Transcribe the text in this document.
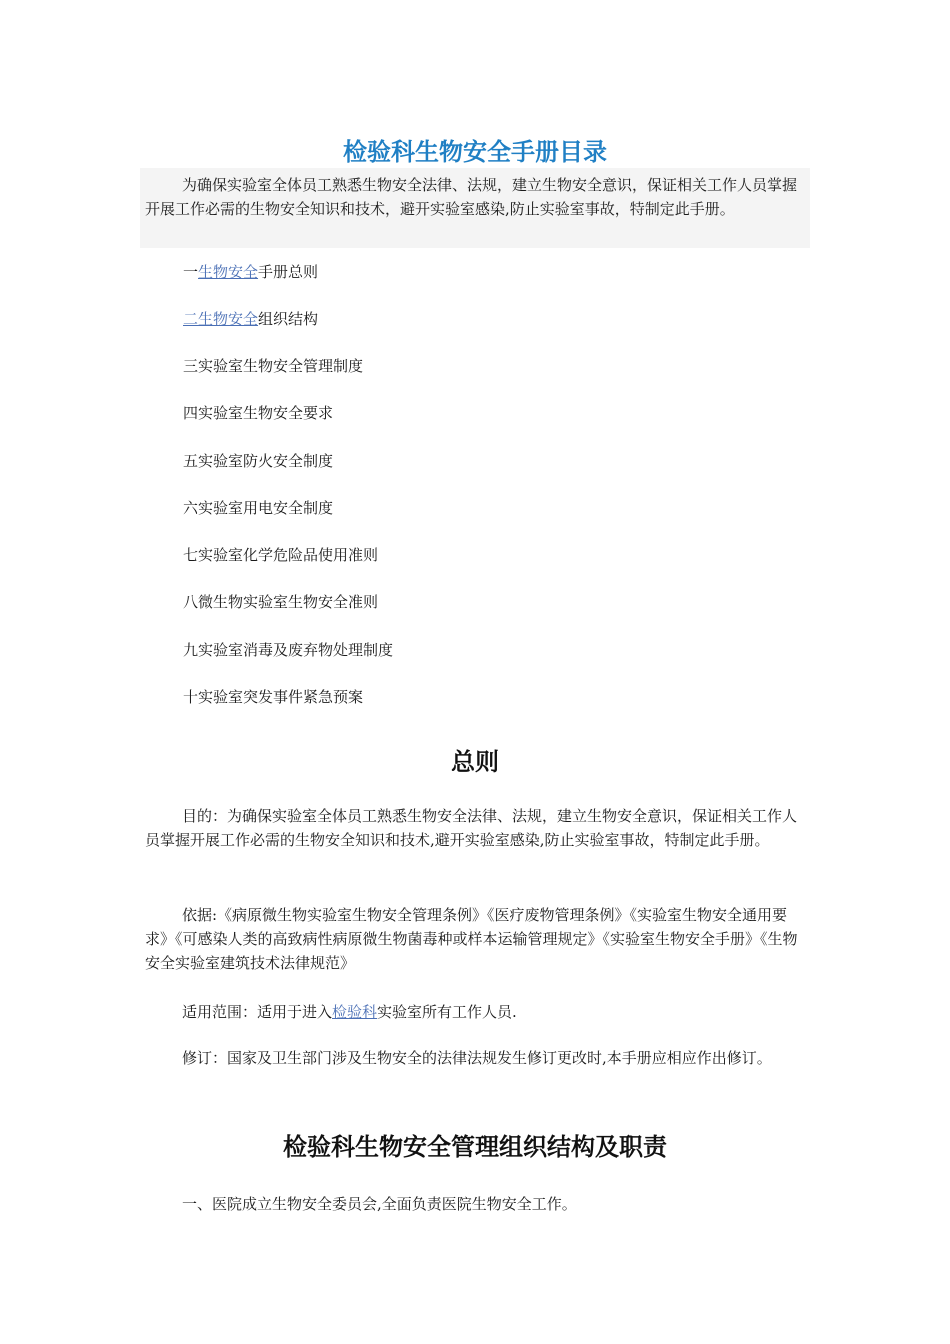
检验科生物安全手册目录

为确保实验室全体员工熟悉生物安全法律、法规，建立生物安全意识，保证相关工作人员掌握开展工作必需的生物安全知识和技术，避开实验室感染,防止实验室事故，特制定此手册。

一生物安全手册总则
二生物安全组织结构
三实验室生物安全管理制度
四实验室生物安全要求
五实验室防火安全制度
六实验室用电安全制度
七实验室化学危险品使用准则
八微生物实验室生物安全准则
九实验室消毒及废弃物处理制度
十实验室突发事件紧急预案
总则

目的：为确保实验室全体员工熟悉生物安全法律、法规，建立生物安全意识，保证相关工作人员掌握开展工作必需的生物安全知识和技术,避开实验室感染,防止实验室事故，特制定此手册。

依据:《病原微生物实验室生物安全管理条例》《医疗废物管理条例》《实验室生物安全通用要求》《可感染人类的高致病性病原微生物菌毒种或样本运输管理规定》《实验室生物安全手册》《生物安全实验室建筑技术法律规范》

适用范围：适用于进入检验科实验室所有工作人员.

修订：国家及卫生部门涉及生物安全的法律法规发生修订更改时,本手册应相应作出修订。

检验科生物安全管理组织结构及职责

一、医院成立生物安全委员会,全面负责医院生物安全工作。
